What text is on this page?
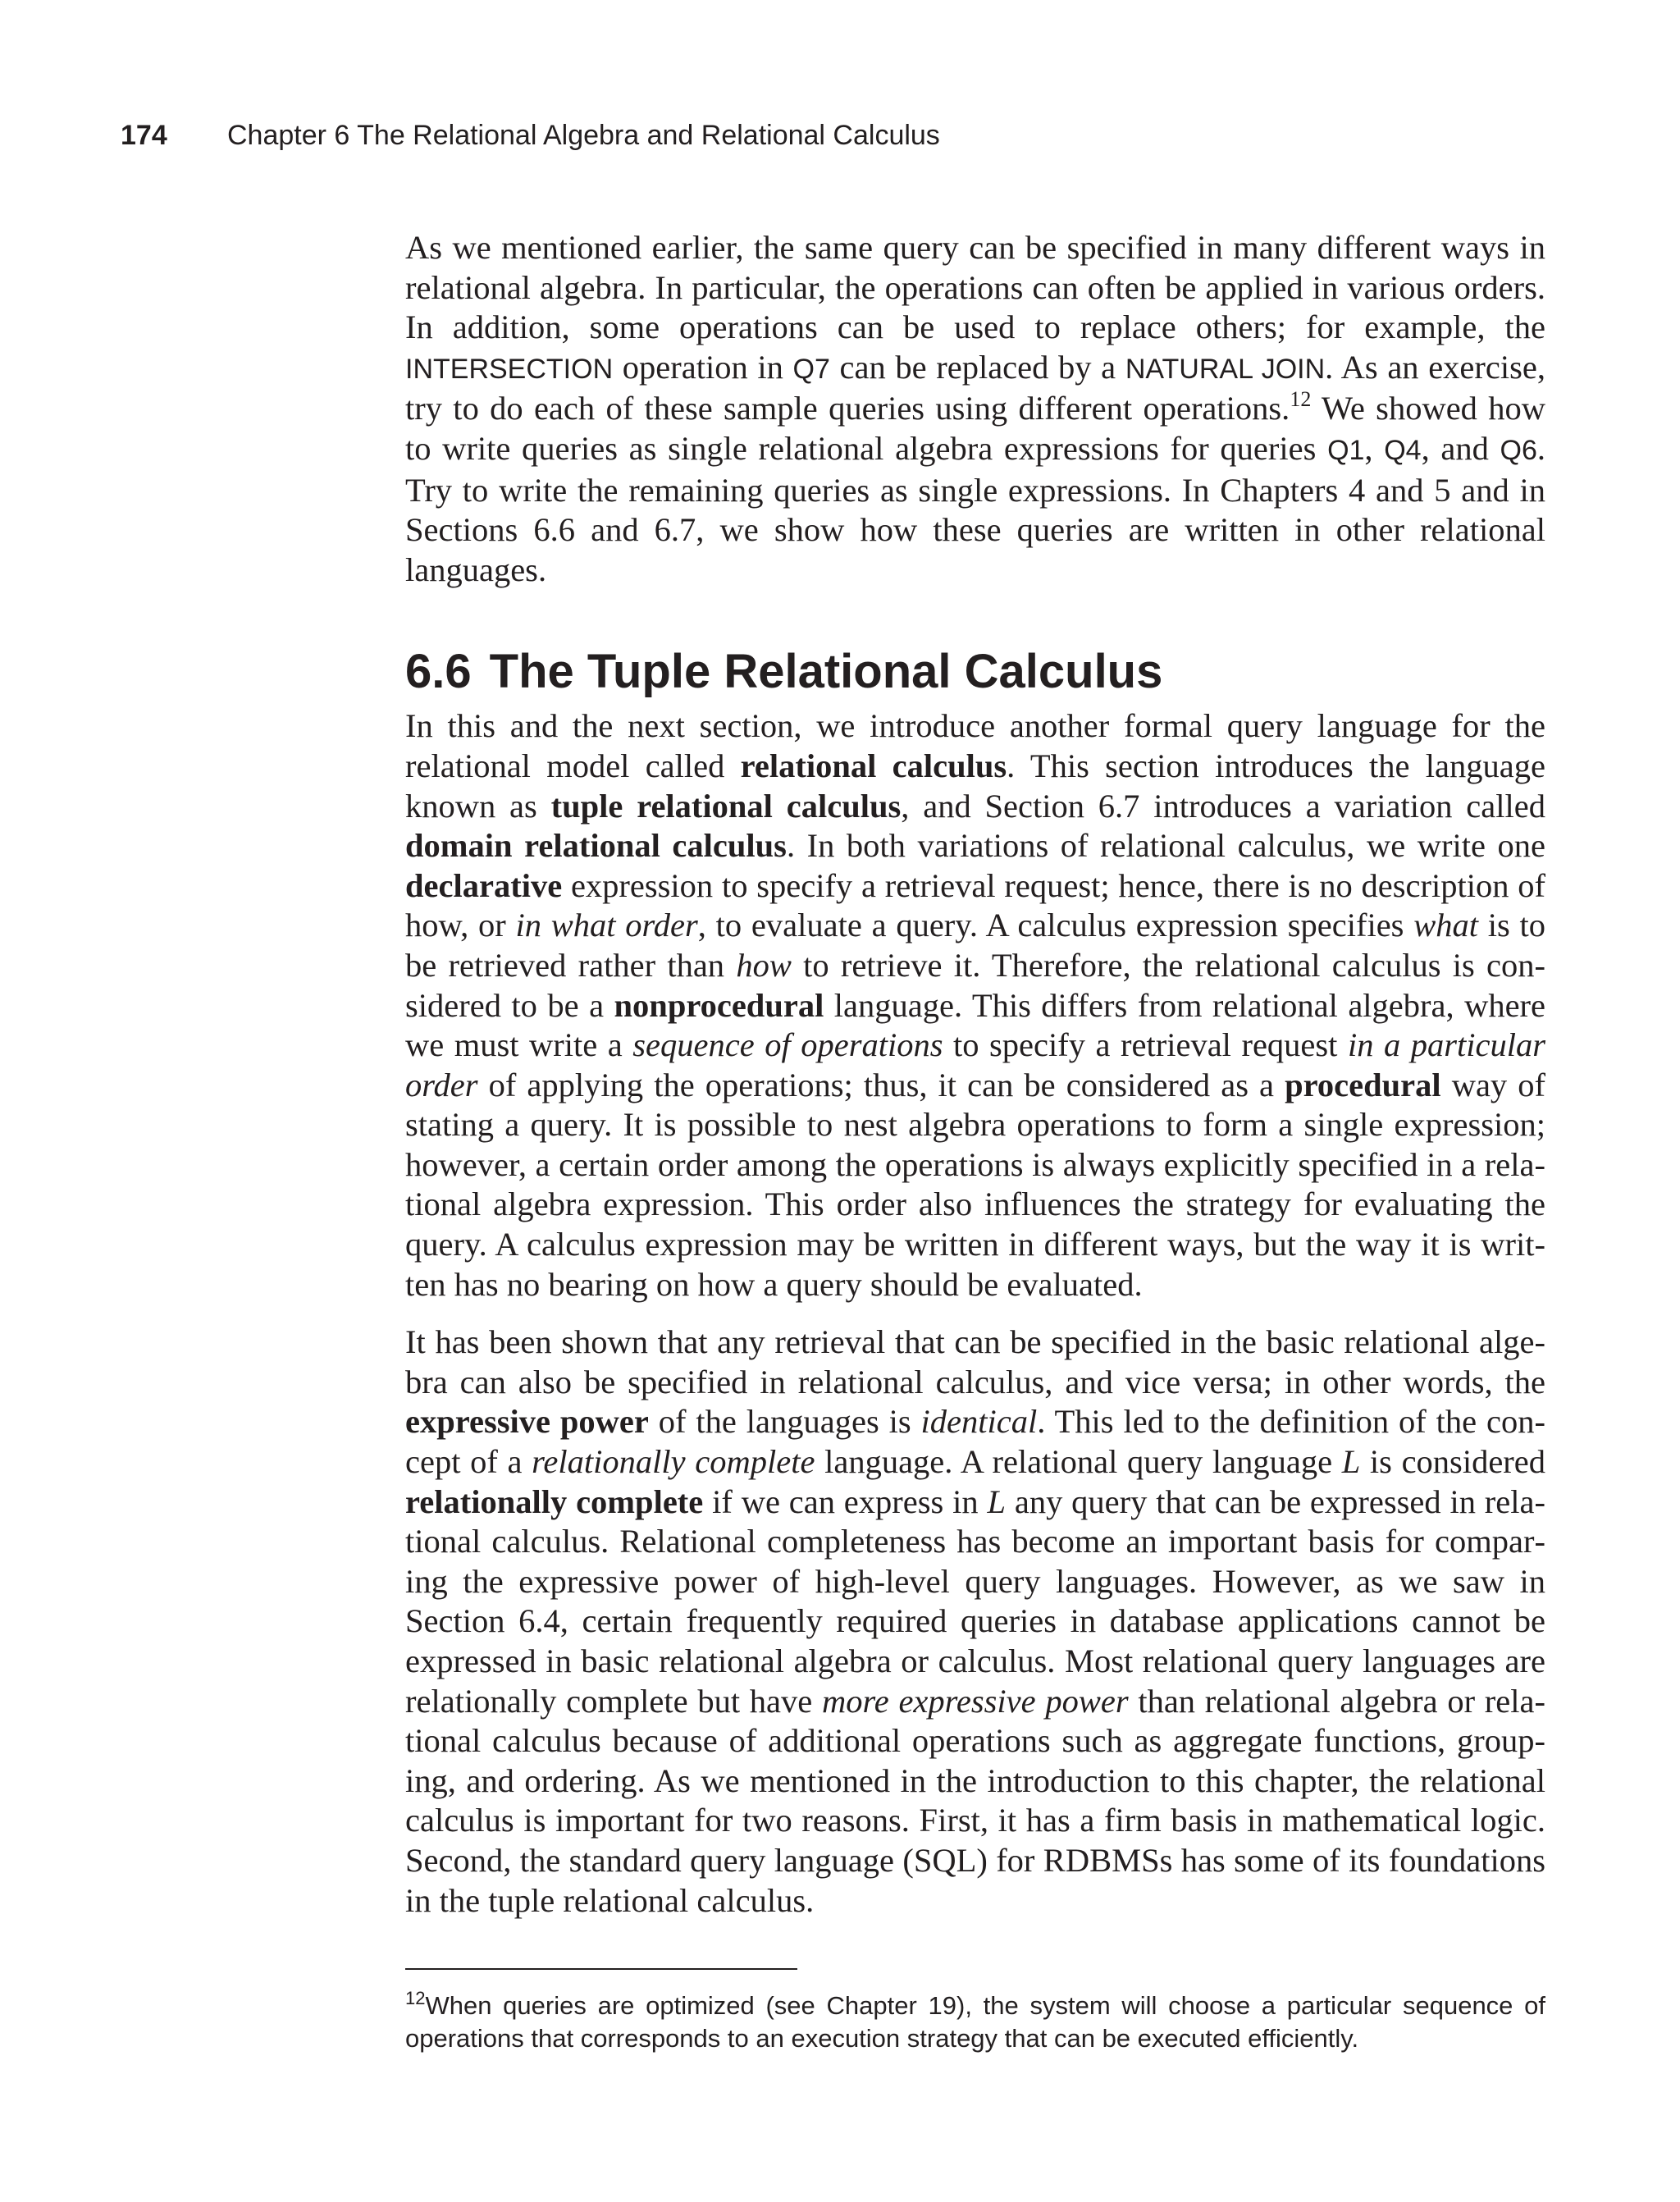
174 Chapter 6 The Relational Algebra and Relational Calculus

As we mentioned earlier, the same query can be specified in many different ways in relational algebra. In particular, the operations can often be applied in various orders. In addition, some operations can be used to replace others; for example, the INTERSECTION operation in Q7 can be replaced by a NATURAL JOIN. As an exercise, try to do each of these sample queries using different operations.$^{12}$ We showed how to write queries as single relational algebra expressions for queries Q1, Q4, and Q6. Try to write the remaining queries as single expressions. In Chapters 4 and 5 and in Sections 6.6 and 6.7, we show how these queries are written in other relational languages.

6.6 The Tuple Relational Calculus

In this and the next section, we introduce another formal query language for the relational model called relational calculus. This section introduces the language known as tuple relational calculus, and Section 6.7 introduces a variation called domain relational calculus. In both variations of relational calculus, we write one declarative expression to specify a retrieval request; hence, there is no description of how, or in what order, to evaluate a query. A calculus expression specifies what is to be retrieved rather than how to retrieve it. Therefore, the relational calculus is considered to be a nonprocedural language. This differs from relational algebra, where we must write a sequence of operations to specify a retrieval request in a particular order of applying the operations; thus, it can be considered as a procedural way of stating a query. It is possible to nest algebra operations to form a single expression; however, a certain order among the operations is always explicitly specified in a relational algebra expression. This order also influences the strategy for evaluating the query. A calculus expression may be written in different ways, but the way it is written has no bearing on how a query should be evaluated.

It has been shown that any retrieval that can be specified in the basic relational algebra can also be specified in relational calculus, and vice versa; in other words, the expressive power of the languages is identical. This led to the definition of the concept of a relationally complete language. A relational query language L is considered relationally complete if we can express in L any query that can be expressed in relational calculus. Relational completeness has become an important basis for comparing the expressive power of high-level query languages. However, as we saw in Section 6.4, certain frequently required queries in database applications cannot be expressed in basic relational algebra or calculus. Most relational query languages are relationally complete but have more expressive power than relational algebra or relational calculus because of additional operations such as aggregate functions, grouping, and ordering. As we mentioned in the introduction to this chapter, the relational calculus is important for two reasons. First, it has a firm basis in mathematical logic. Second, the standard query language (SQL) for RDBMSs has some of its foundations in the tuple relational calculus.

$^{12}$When queries are optimized (see Chapter 19), the system will choose a particular sequence of operations that corresponds to an execution strategy that can be executed efficiently.
